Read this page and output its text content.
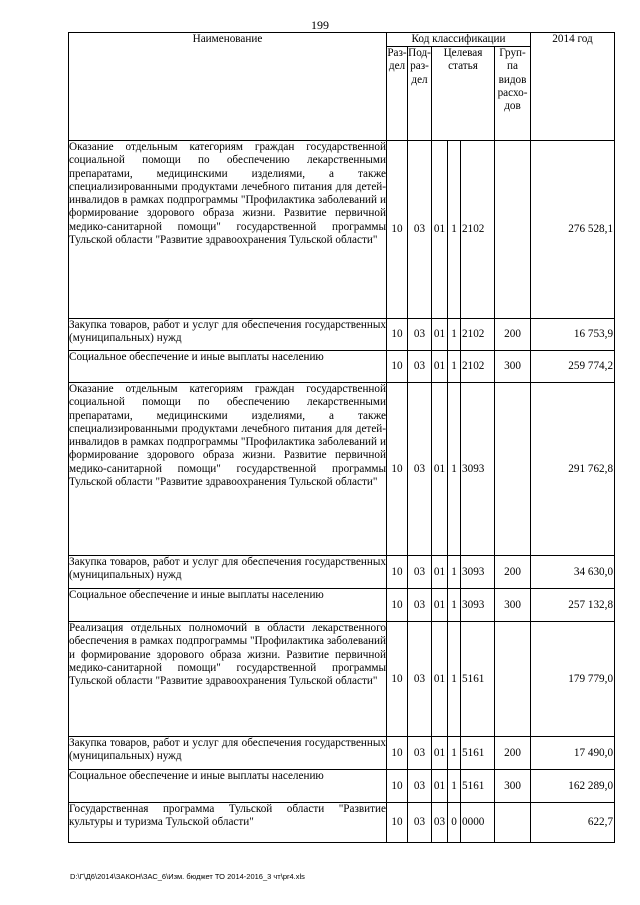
199
Наименование	Код классификации						2014 год
	Раз-дел	Под-раз-дел	Целевая статья			Груп-па видов расхо-дов	
Оказание отдельным категориям граждан государственной социальной помощи по обеспечению лекарственными препаратами, медицинскими изделиями, а также специализированными продуктами лечебного питания для детей-инвалидов в рамках подпрограммы "Профилактика заболеваний и формирование здорового образа жизни. Развитие первичной медико-санитарной помощи" государственной программы Тульской области "Развитие здравоохранения Тульской области"	10	03	01	1	2102		276 528,1
Закупка товаров, работ и услуг для обеспечения государственных (муниципальных) нужд	10	03	01	1	2102	200	16 753,9
Социальное обеспечение и иные выплаты населению	10	03	01	1	2102	300	259 774,2
Оказание отдельным категориям граждан государственной социальной помощи по обеспечению лекарственными препаратами, медицинскими изделиями, а также специализированными продуктами лечебного питания для детей-инвалидов в рамках подпрограммы "Профилактика заболеваний и формирование здорового образа жизни. Развитие первичной медико-санитарной помощи" государственной программы Тульской области "Развитие здравоохранения Тульской области"	10	03	01	1	3093		291 762,8
Закупка товаров, работ и услуг для обеспечения государственных (муниципальных) нужд	10	03	01	1	3093	200	34 630,0
Социальное обеспечение и иные выплаты населению	10	03	01	1	3093	300	257 132,8
Реализация отдельных полномочий в области лекарственного обеспечения в рамках подпрограммы "Профилактика заболеваний и формирование здорового образа жизни. Развитие первичной медико-санитарной помощи" государственной программы Тульской области "Развитие здравоохранения Тульской области"	10	03	01	1	5161		179 779,0
Закупка товаров, работ и услуг для обеспечения государственных (муниципальных) нужд	10	03	01	1	5161	200	17 490,0
Социальное обеспечение и иные выплаты населению	10	03	01	1	5161	300	162 289,0
Государственная программа Тульской области "Развитие культуры и туризма Тульской области"	10	03	03	0	0000		622,7
D:\Г\Д6\2014\ЗАКОН\ЗАС_6\Изм. бюджет ТО 2014-2016_3 чт\pr4.xls
